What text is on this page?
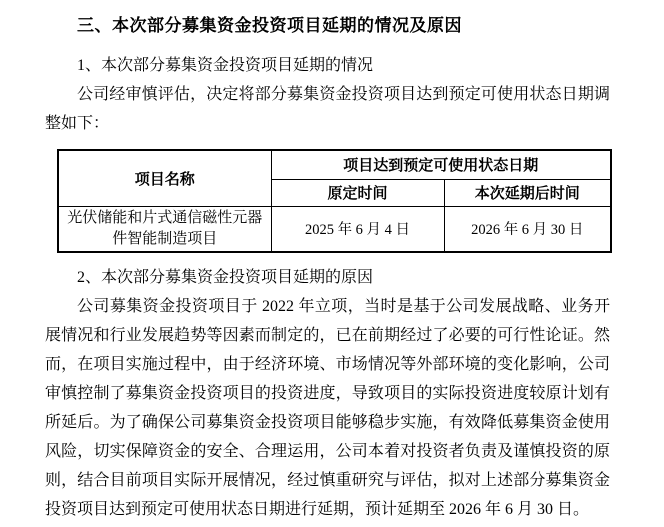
三、本次部分募集资金投资项目延期的情况及原因

1、本次部分募集资金投资项目延期的情况

公司经审慎评估，决定将部分募集资金投资项目达到预定可使用状态日期调整如下：

项目名称	项目达到预定可使用状态日期	
	原定时间	本次延期后时间
光伏储能和片式通信磁性元器件智能制造项目	2025 年 6 月 4 日	2026 年 6 月 30 日

2、本次部分募集资金投资项目延期的原因

公司募集资金投资项目于 2022 年立项，当时是基于公司发展战略、业务开展情况和行业发展趋势等因素而制定的，已在前期经过了必要的可行性论证。然而，在项目实施过程中，由于经济环境、市场情况等外部环境的变化影响，公司审慎控制了募集资金投资项目的投资进度，导致项目的实际投资进度较原计划有所延后。为了确保公司募集资金投资项目能够稳步实施，有效降低募集资金使用风险，切实保障资金的安全、合理运用，公司本着对投资者负责及谨慎投资的原则，结合目前项目实际开展情况，经过慎重研究与评估，拟对上述部分募集资金投资项目达到预定可使用状态日期进行延期，预计延期至 2026 年 6 月 30 日。
